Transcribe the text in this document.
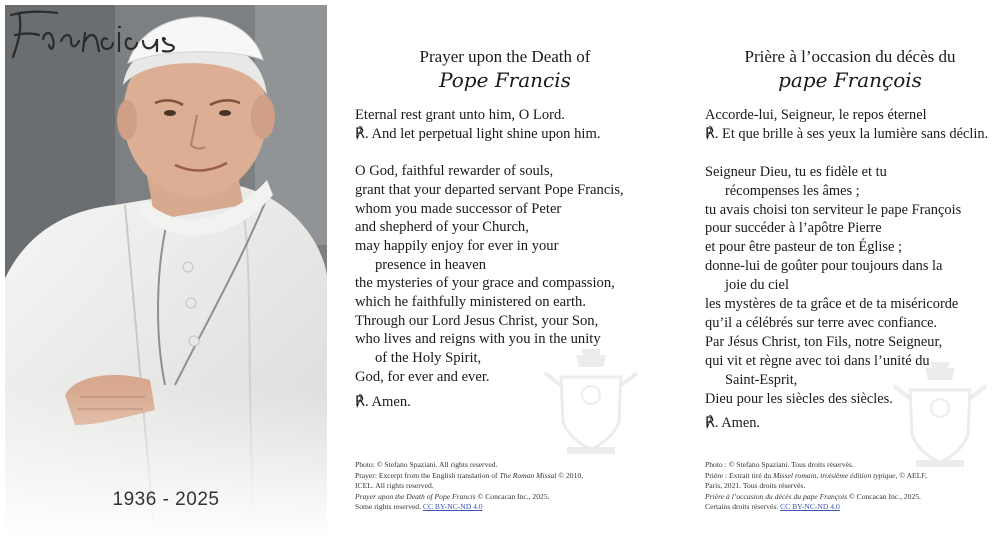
1936 - 2025
Prayer upon the Death of
Pope Francis
Eternal rest grant unto him, O Lord.
℟. And let perpetual light shine upon him.
O God, faithful rewarder of souls,
grant that your departed servant Pope Francis,
whom you made successor of Peter
and shepherd of your Church,
may happily enjoy for ever in your
presence in heaven
the mysteries of your grace and compassion,
which he faithfully ministered on earth.
Through our Lord Jesus Christ, your Son,
who lives and reigns with you in the unity
of the Holy Spirit,
God, for ever and ever.
℟. Amen.
Photo: © Stefano Spaziani. All rights reserved.
Prayer: Excerpt from the English translation of The Roman Missal © 2010,
ICEL. All rights reserved.
Prayer upon the Death of Pope Francis © Concacan Inc., 2025.
Some rights reserved. CC BY-NC-ND 4.0
Prière à l’occasion du décès du
pape François
Accorde-lui, Seigneur, le repos éternel
℟. Et que brille à ses yeux la lumière sans déclin.
Seigneur Dieu, tu es fidèle et tu
récompenses les âmes ;
tu avais choisi ton serviteur le pape François
pour succéder à l’apôtre Pierre
et pour être pasteur de ton Église ;
donne-lui de goûter pour toujours dans la
joie du ciel
les mystères de ta grâce et de ta miséricorde
qu’il a célébrés sur terre avec confiance.
Par Jésus Christ, ton Fils, notre Seigneur,
qui vit et règne avec toi dans l’unité du
Saint-Esprit,
Dieu pour les siècles des siècles.
℟. Amen.
Photo : © Stefano Spaziani. Tous droits réservés.
Prière : Extrait tiré du Missel romain, troisième édition typique, © AELF,
Paris, 2021. Tous droits réservés.
Prière à l’occasion du décès du pape François © Concacan Inc., 2025.
Certains droits réservés. CC BY-NC-ND 4.0
